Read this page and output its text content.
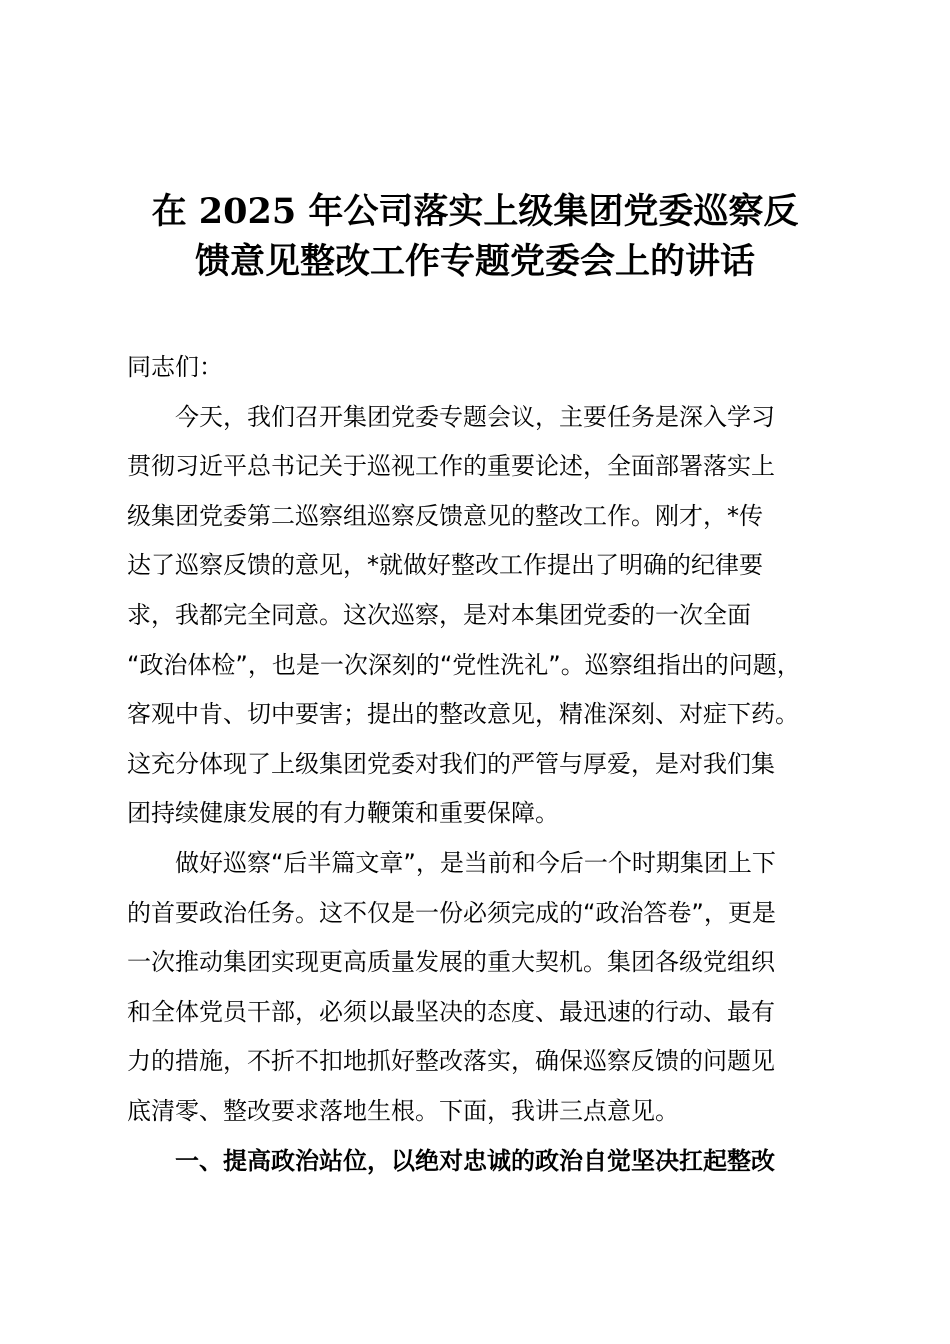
在 2025 年公司落实上级集团党委巡察反
馈意见整改工作专题党委会上的讲话
同志们：
今天，我们召开集团党委专题会议，主要任务是深入学习
贯彻习近平总书记关于巡视工作的重要论述，全面部署落实上
级集团党委第二巡察组巡察反馈意见的整改工作。刚才，*传
达了巡察反馈的意见，*就做好整改工作提出了明确的纪律要
求，我都完全同意。这次巡察，是对本集团党委的一次全面
“政治体检”，也是一次深刻的“党性洗礼”。巡察组指出的问题，
客观中肯、切中要害；提出的整改意见，精准深刻、对症下药。
这充分体现了上级集团党委对我们的严管与厚爱，是对我们集
团持续健康发展的有力鞭策和重要保障。
做好巡察“后半篇文章”，是当前和今后一个时期集团上下
的首要政治任务。这不仅是一份必须完成的“政治答卷”，更是
一次推动集团实现更高质量发展的重大契机。集团各级党组织
和全体党员干部，必须以最坚决的态度、最迅速的行动、最有
力的措施，不折不扣地抓好整改落实，确保巡察反馈的问题见
底清零、整改要求落地生根。下面，我讲三点意见。
一、提高政治站位，以绝对忠诚的政治自觉坚决扛起整改
